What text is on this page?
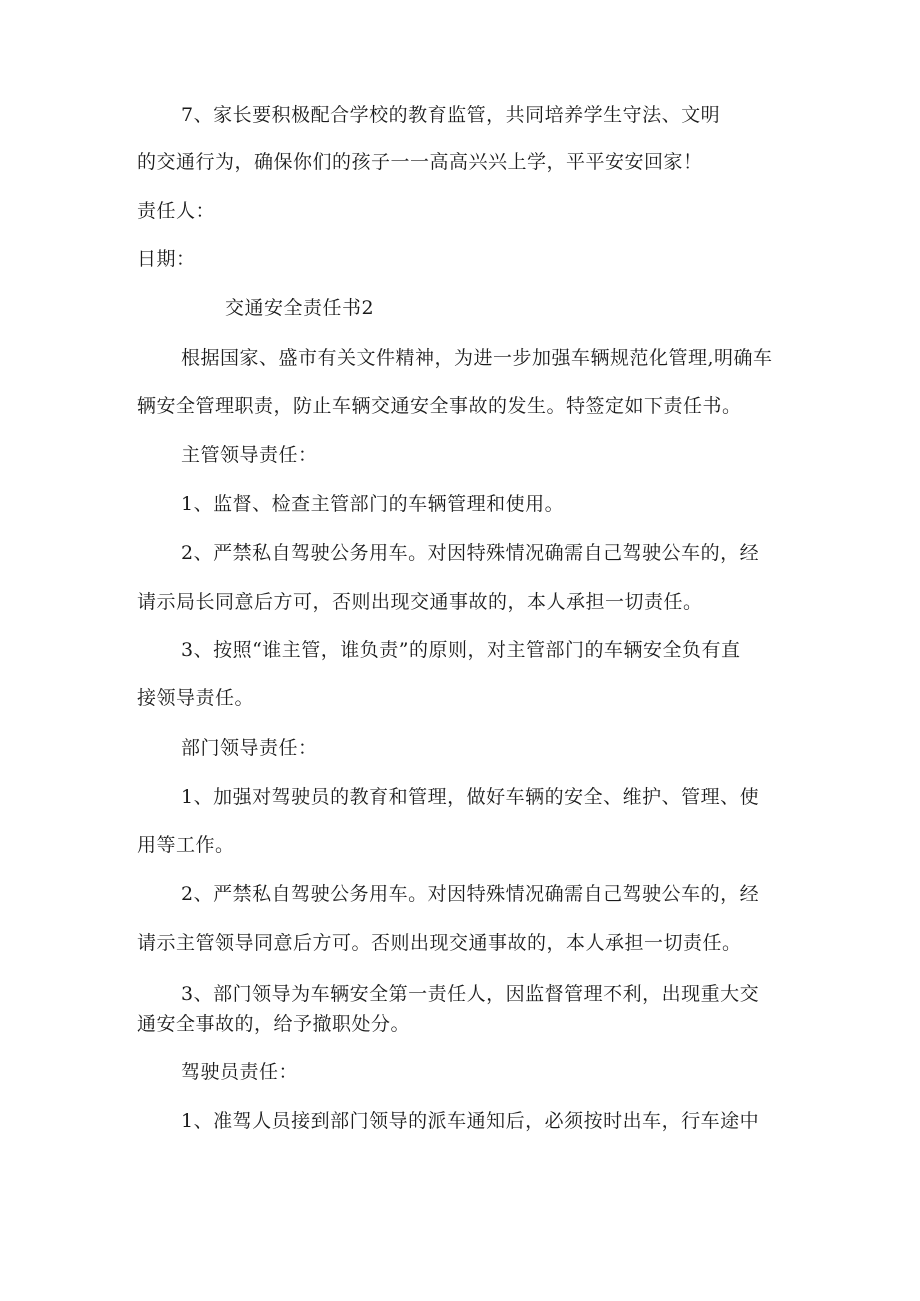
7、家长要积极配合学校的教育监管，共同培养学生守法、文明
的交通行为，确保你们的孩子一一高高兴兴上学，平平安安回家！
责任人：
日期：
交通安全责任书2
根据国家、盛市有关文件精神，为进一步加强车辆规范化管理,明确车
辆安全管理职责，防止车辆交通安全事故的发生。特签定如下责任书。
主管领导责任：
1、监督、检查主管部门的车辆管理和使用。
2、严禁私自驾驶公务用车。对因特殊情况确需自己驾驶公车的，经
请示局长同意后方可，否则出现交通事故的，本人承担一切责任。
3、按照“谁主管，谁负责”的原则，对主管部门的车辆安全负有直
接领导责任。
部门领导责任：
1、加强对驾驶员的教育和管理，做好车辆的安全、维护、管理、使
用等工作。
2、严禁私自驾驶公务用车。对因特殊情况确需自己驾驶公车的，经
请示主管领导同意后方可。否则出现交通事故的，本人承担一切责任。
3、部门领导为车辆安全第一责任人，因监督管理不利，出现重大交
通安全事故的，给予撤职处分。
驾驶员责任：
1、准驾人员接到部门领导的派车通知后，必须按时出车，行车途中
